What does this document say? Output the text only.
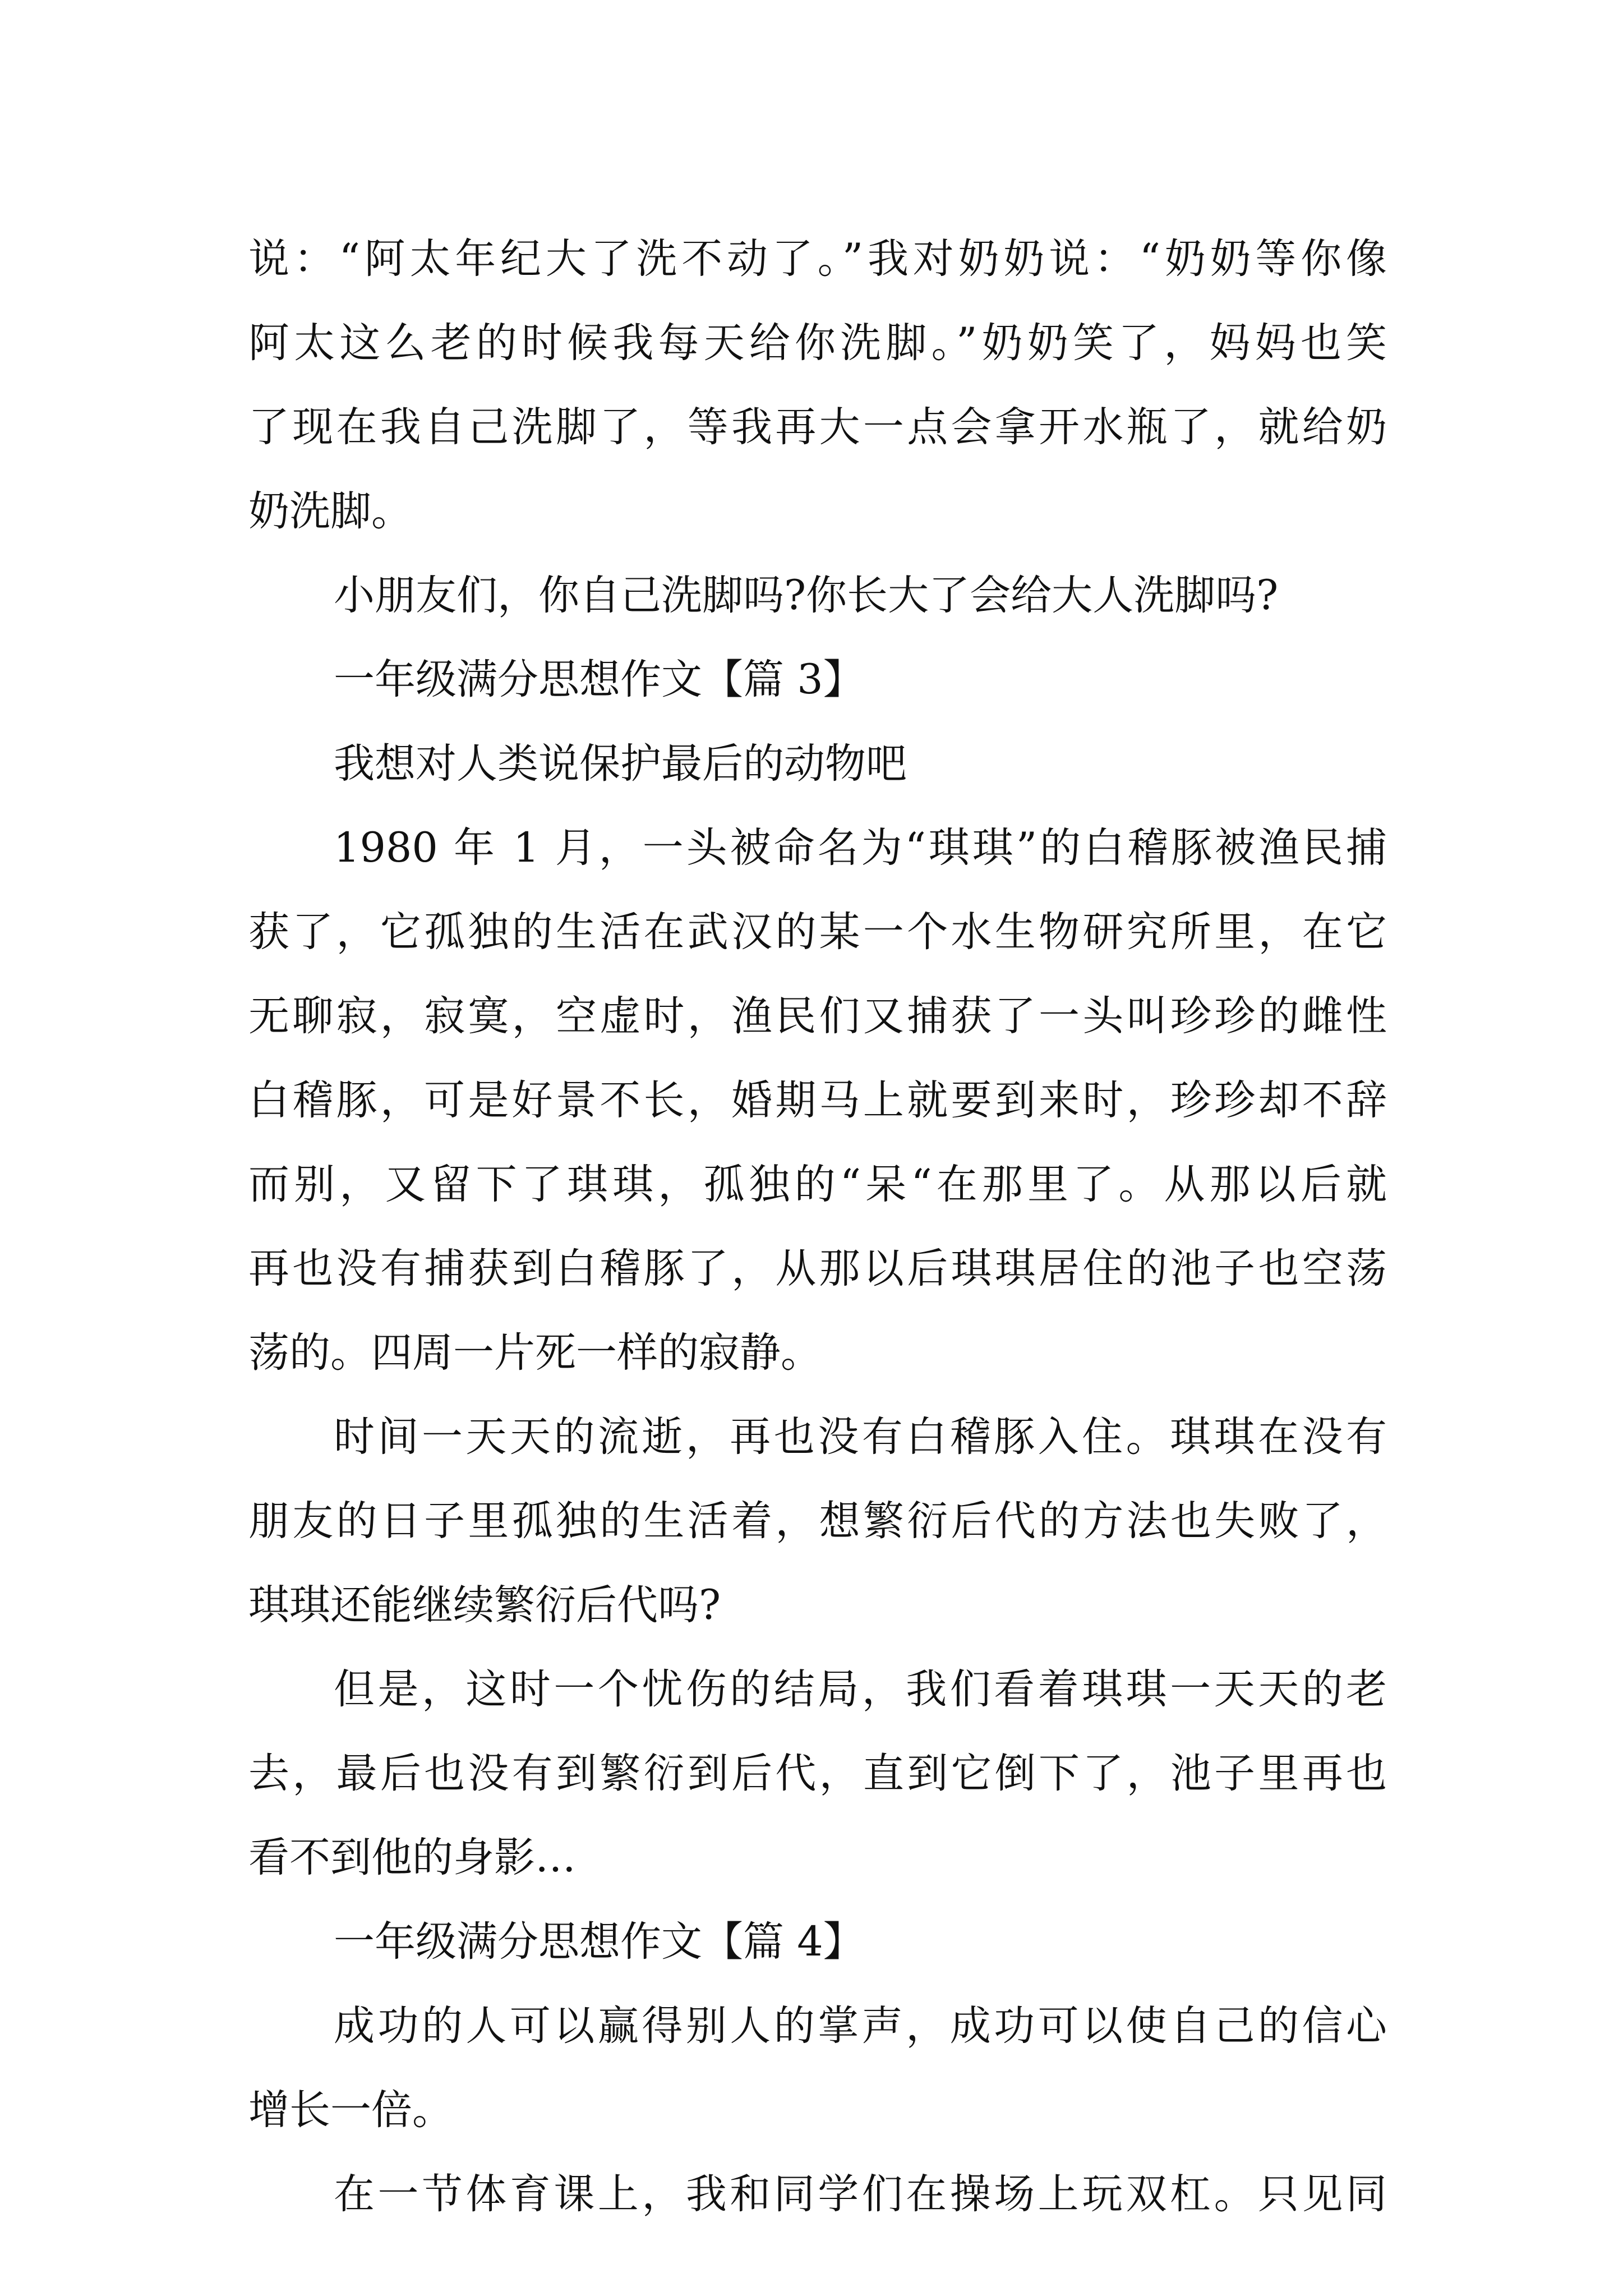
说：“阿太年纪大了洗不动了。”我对奶奶说：“奶奶等你像

阿太这么老的时候我每天给你洗脚。”奶奶笑了，妈妈也笑

了现在我自己洗脚了，等我再大一点会拿开水瓶了，就给奶

奶洗脚。

小朋友们，你自己洗脚吗?你长大了会给大人洗脚吗?

一年级满分思想作文【篇 3】

我想对人类说保护最后的动物吧

1980 年 1 月，一头被命名为“琪琪”的白稽豚被渔民捕

获了，它孤独的生活在武汉的某一个水生物研究所里，在它

无聊寂，寂寞，空虚时，渔民们又捕获了一头叫珍珍的雌性

白稽豚，可是好景不长，婚期马上就要到来时，珍珍却不辞

而别，又留下了琪琪，孤独的“呆“在那里了。从那以后就

再也没有捕获到白稽豚了，从那以后琪琪居住的池子也空荡

荡的。四周一片死一样的寂静。

时间一天天的流逝，再也没有白稽豚入住。琪琪在没有

朋友的日子里孤独的生活着，想繁衍后代的方法也失败了，

琪琪还能继续繁衍后代吗?

但是，这时一个忧伤的结局，我们看着琪琪一天天的老

去，最后也没有到繁衍到后代，直到它倒下了，池子里再也

看不到他的身影…

一年级满分思想作文【篇 4】

成功的人可以赢得别人的掌声，成功可以使自己的信心

增长一倍。

在一节体育课上，我和同学们在操场上玩双杠。只见同
